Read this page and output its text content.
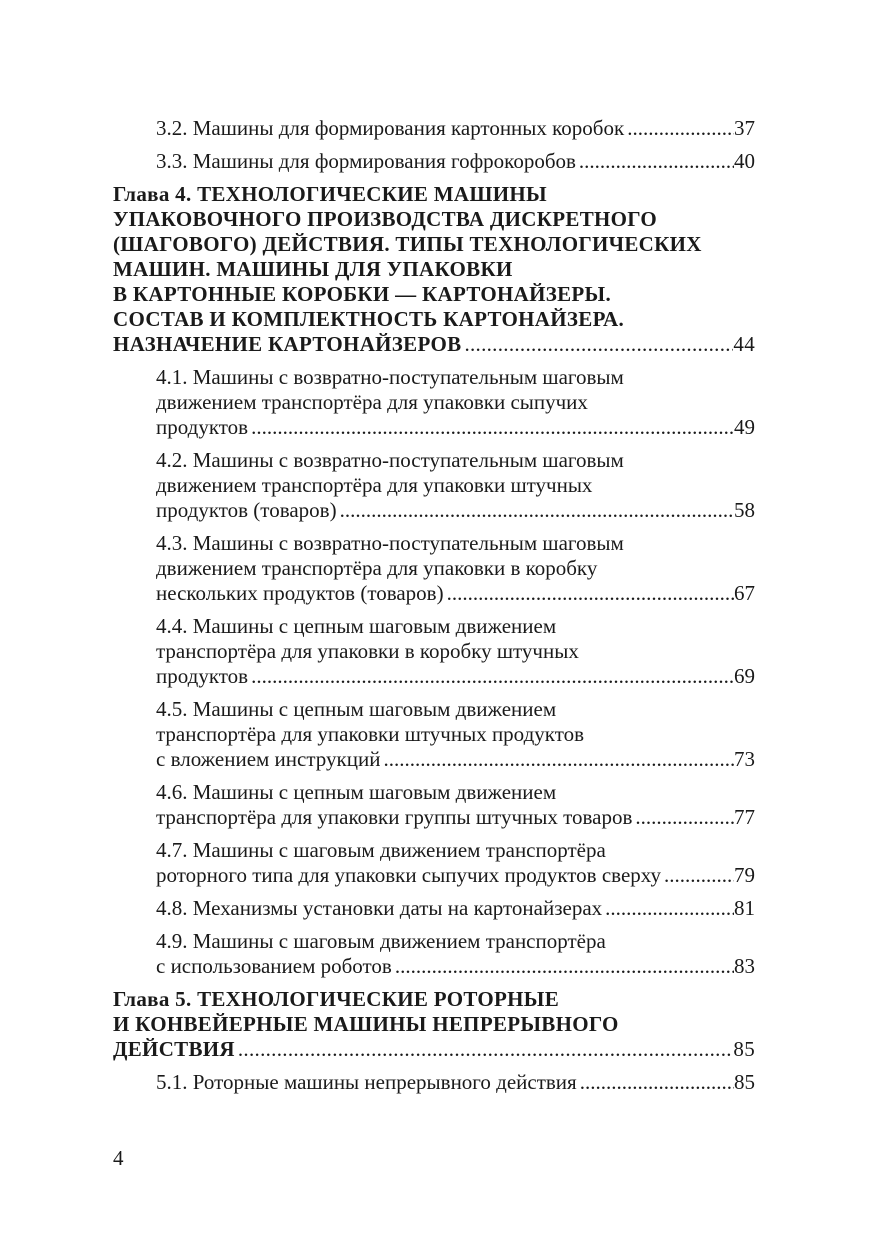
3.2. Машины для формирования картонных коробок .....	37
3.3. Машины для формирования гофрокоробов .....	40
Глава 4. ТЕХНОЛОГИЧЕСКИЕ МАШИНЫ
УПАКОВОЧНОГО ПРОИЗВОДСТВА ДИСКРЕТНОГО
(ШАГОВОГО) ДЕЙСТВИЯ. ТИПЫ ТЕХНОЛОГИЧЕСКИХ
МАШИН. МАШИНЫ ДЛЯ УПАКОВКИ
В КАРТОННЫЕ КОРОБКИ — КАРТОНАЙЗЕРЫ.
СОСТАВ И КОМПЛЕКТНОСТЬ КАРТОНАЙЗЕРА.
НАЗНАЧЕНИЕ КАРТОНАЙЗЕРОВ .....	44
4.1. Машины с возвратно-поступательным шаговым
движением транспортёра для упаковки сыпучих
продуктов .....	49
4.2. Машины с возвратно-поступательным шаговым
движением транспортёра для упаковки штучных
продуктов (товаров) .....	58
4.3. Машины с возвратно-поступательным шаговым
движением транспортёра для упаковки в коробку
нескольких продуктов (товаров) .....	67
4.4. Машины с цепным шаговым движением
транспортёра для упаковки в коробку штучных
продуктов .....	69
4.5. Машины с цепным шаговым движением
транспортёра для упаковки штучных продуктов
с вложением инструкций .....	73
4.6. Машины с цепным шаговым движением
транспортёра для упаковки группы штучных товаров .....	77
4.7. Машины с шаговым движением транспортёра
роторного типа для упаковки сыпучих продуктов сверху .....	79
4.8. Механизмы установки даты на картонайзерах .....	81
4.9. Машины с шаговым движением транспортёра
с использованием роботов .....	83
Глава 5. ТЕХНОЛОГИЧЕСКИЕ РОТОРНЫЕ
И КОНВЕЙЕРНЫЕ МАШИНЫ НЕПРЕРЫВНОГО
ДЕЙСТВИЯ .....	85
5.1. Роторные машины непрерывного действия .....	85
4
